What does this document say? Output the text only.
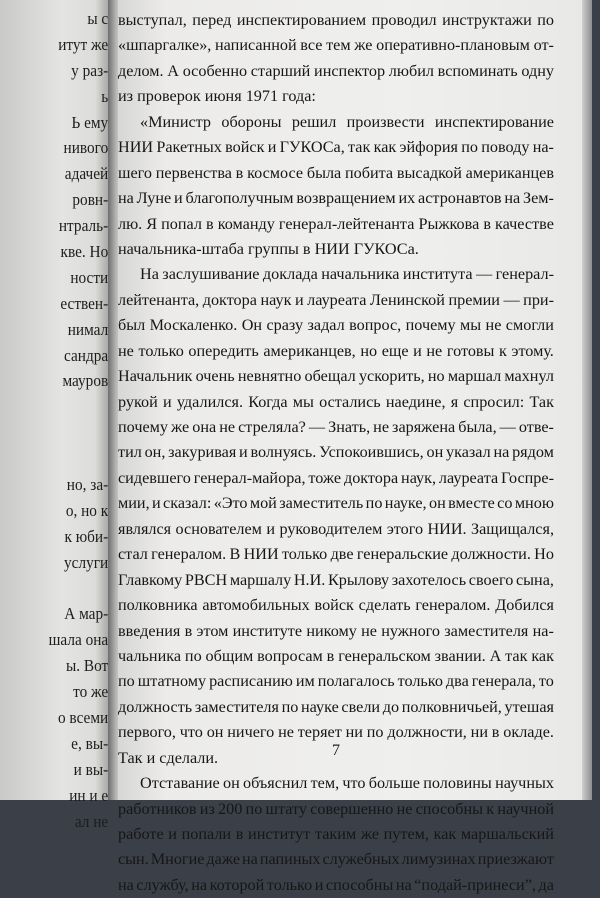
ы с
итут же
у раз-
ь
Ь ему
нивого
адачей
ровн-
нтраль-
кве. Но
ности
ествен-
нимал
сандра
мауров
но, за-
о, но к
к юби-
услуги
А мар-
шала она
ы. Вот
то же
о всеми
е, вы-
и вы-
ин и е
ал не
выступал, перед инспектированием проводил инструктажи по
«шпаргалке», написанной все тем же оперативно-плановым от-
делом. А особенно старший инспектор любил вспоминать одну
из проверок июня 1971 года:
«Министр обороны решил произвести инспектирование
НИИ Ракетных войск и ГУКОСа, так как эйфория по поводу на-
шего первенства в космосе была побита высадкой американцев
на Луне и благополучным возвращением их астронавтов на Зем-
лю. Я попал в команду генерал-лейтенанта Рыжкова в качестве
начальника-штаба группы в НИИ ГУКОСа.
На заслушивание доклада начальника института — генерал-
лейтенанта, доктора наук и лауреата Ленинской премии — при-
был Москаленко. Он сразу задал вопрос, почему мы не смогли
не только опередить американцев, но еще и не готовы к этому.
Начальник очень невнятно обещал ускорить, но маршал махнул
рукой и удалился. Когда мы остались наедине, я спросил: Так
почему же она не стреляла? — Знать, не заряжена была, — отве-
тил он, закуривая и волнуясь. Успокоившись, он указал на рядом
сидевшего генерал-майора, тоже доктора наук, лауреата Госпре-
мии, и сказал: «Это мой заместитель по науке, он вместе со мною
являлся основателем и руководителем этого НИИ. Защищался,
стал генералом. В НИИ только две генеральские должности. Но
Главкому РВСН маршалу Н.И. Крылову захотелось своего сына,
полковника автомобильных войск сделать генералом. Добился
введения в этом институте никому не нужного заместителя на-
чальника по общим вопросам в генеральском звании. А так как
по штатному расписанию им полагалось только два генерала, то
должность заместителя по науке свели до полковничьей, утешая
первого, что он ничего не теряет ни по должности, ни в окладе.
Так и сделали.
Отставание он объяснил тем, что больше половины научных
работников из 200 по штату совершенно не способны к научной
работе и попали в институт таким же путем, как маршальский
сын. Многие даже на папиных служебных лимузинах приезжают
на службу, на которой только и способны на “подай-принеси”, да
7
